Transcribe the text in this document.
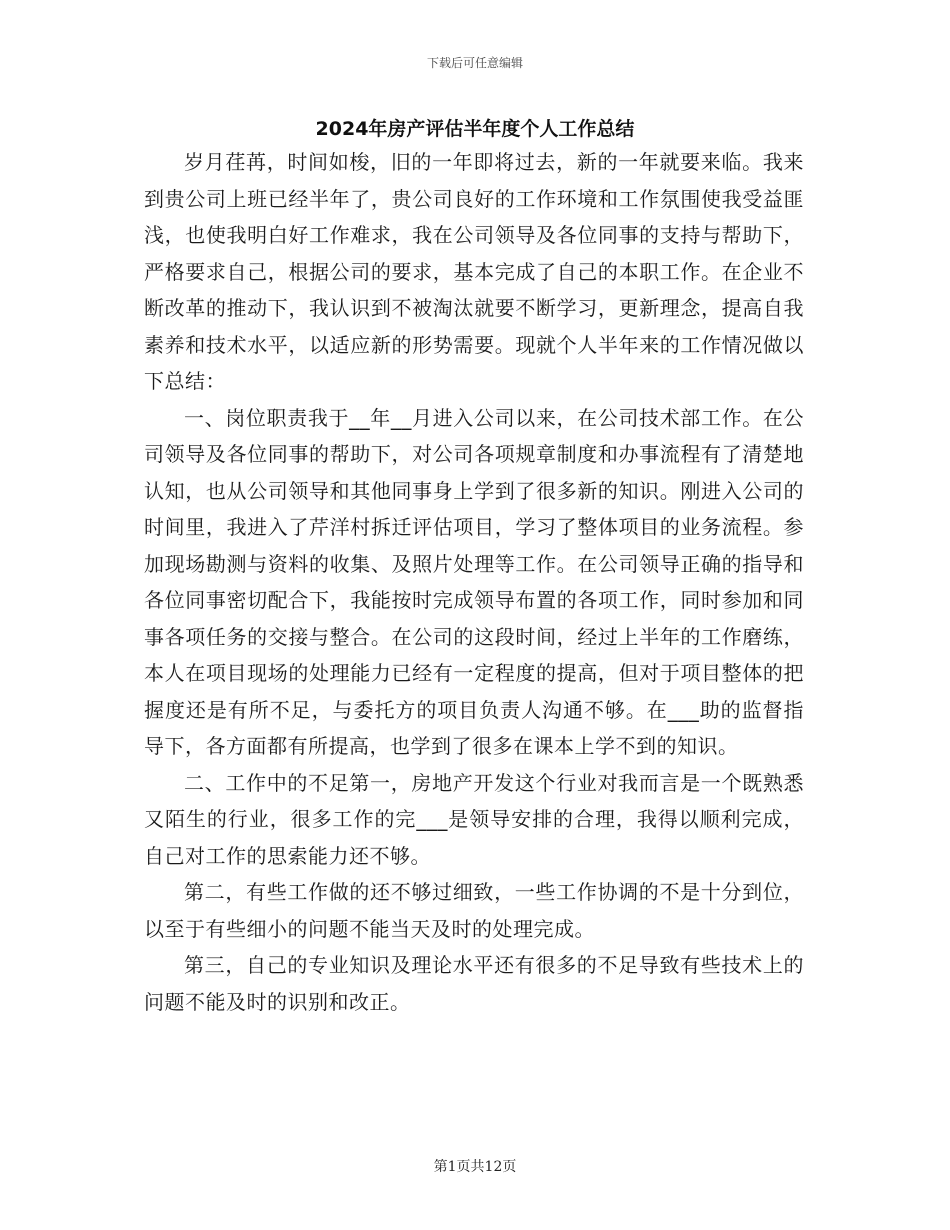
下载后可任意编辑
2024年房产评估半年度个人工作总结

岁月荏苒，时间如梭，旧的一年即将过去，新的一年就要来临。我来到贵公司上班已经半年了，贵公司良好的工作环境和工作氛围使我受益匪浅，也使我明白好工作难求，我在公司领导及各位同事的支持与帮助下，严格要求自己，根据公司的要求，基本完成了自己的本职工作。在企业不断改革的推动下，我认识到不被淘汰就要不断学习，更新理念，提高自我素养和技术水平，以适应新的形势需要。现就个人半年来的工作情况做以下总结：

一、岗位职责我于__年__月进入公司以来，在公司技术部工作。在公司领导及各位同事的帮助下，对公司各项规章制度和办事流程有了清楚地认知，也从公司领导和其他同事身上学到了很多新的知识。刚进入公司的时间里，我进入了芹洋村拆迁评估项目，学习了整体项目的业务流程。参加现场勘测与资料的收集、及照片处理等工作。在公司领导正确的指导和各位同事密切配合下，我能按时完成领导布置的各项工作，同时参加和同事各项任务的交接与整合。在公司的这段时间，经过上半年的工作磨练，本人在项目现场的处理能力已经有一定程度的提高，但对于项目整体的把握度还是有所不足，与委托方的项目负责人沟通不够。在___助的监督指导下，各方面都有所提高，也学到了很多在课本上学不到的知识。

二、工作中的不足第一，房地产开发这个行业对我而言是一个既熟悉又陌生的行业，很多工作的完___是领导安排的合理，我得以顺利完成，自己对工作的思索能力还不够。

第二，有些工作做的还不够过细致，一些工作协调的不是十分到位，以至于有些细小的问题不能当天及时的处理完成。

第三，自己的专业知识及理论水平还有很多的不足导致有些技术上的问题不能及时的识别和改正。

第1页共12页
